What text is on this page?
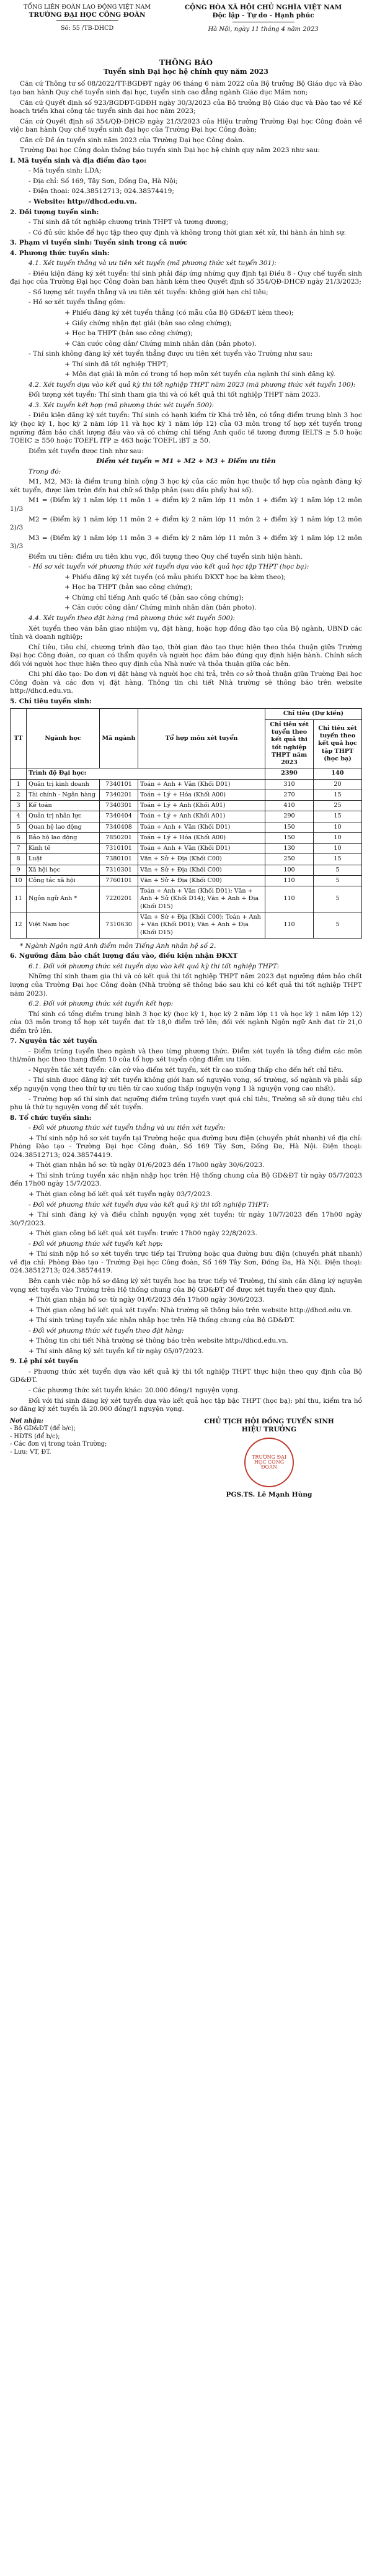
TỔNG LIÊN ĐOÀN LAO ĐỘNG VIỆT NAM
TRƯỜNG ĐẠI HỌC CÔNG ĐOÀN
Số: 55 /TB-DHCD
CỘNG HÒA XÃ HỘI CHỦ NGHĨA VIỆT NAM
Độc lập - Tự do - Hạnh phúc
Hà Nội, ngày 11 tháng 4 năm 2023
THÔNG BÁO
Tuyển sinh Đại học hệ chính quy năm 2023

Căn cứ Thông tư số 08/2022/TT-BGDĐT ngày 06 tháng 6 năm 2022 của Bộ trưởng Bộ Giáo dục và Đào tạo ban hành Quy chế tuyển sinh đại học, tuyển sinh cao đẳng ngành Giáo dục Mầm non;

Căn cứ Quyết định số 923/BGDĐT-GDĐH ngày 30/3/2023 của Bộ trưởng Bộ Giáo dục và Đào tạo về Kế hoạch triển khai công tác tuyển sinh đại học năm 2023;

Căn cứ Quyết định số 354/QĐ-DHCĐ ngày 21/3/2023 của Hiệu trưởng Trường Đại học Công đoàn về việc ban hành Quy chế tuyển sinh đại học của Trường Đại học Công đoàn;

Căn cứ Đề án tuyển sinh năm 2023 của Trường Đại học Công đoàn.

Trường Đại học Công đoàn thông báo tuyển sinh Đại học hệ chính quy năm 2023 như sau:

I. Mã tuyển sinh và địa điểm đào tạo:

- Mã tuyển sinh: LDA;

- Địa chỉ: Số 169, Tây Sơn, Đống Đa, Hà Nội;

- Điện thoại: 024.38512713; 024.38574419;

- Website: http://dhcd.edu.vn.

2. Đối tượng tuyển sinh:

- Thí sinh đã tốt nghiệp chương trình THPT và tương đương;

- Có đủ sức khỏe để học tập theo quy định và không trong thời gian xét xử, thi hành án hình sự.

3. Phạm vi tuyển sinh: Tuyển sinh trong cả nước

4. Phương thức tuyển sinh:

4.1. Xét tuyển thẳng và ưu tiên xét tuyển (mã phương thức xét tuyển 301):

- Điều kiện đăng ký xét tuyển: thí sinh phải đáp ứng những quy định tại Điều 8 - Quy chế tuyển sinh đại học của Trường Đại học Công đoàn ban hành kèm theo Quyết định số 354/QĐ-DHCĐ ngày 21/3/2023;

- Số lượng xét tuyển thẳng và ưu tiên xét tuyển: không giới hạn chỉ tiêu;

- Hồ sơ xét tuyển thẳng gồm:

+ Phiếu đăng ký xét tuyển thẳng (có mẫu của Bộ GD&ĐT kèm theo);

+ Giấy chứng nhận đạt giải (bản sao công chứng);

+ Học bạ THPT (bản sao công chứng);

+ Căn cước công dân/ Chứng minh nhân dân (bản photo).

- Thí sinh không đăng ký xét tuyển thẳng được ưu tiên xét tuyển vào Trường như sau:

+ Thí sinh đã tốt nghiệp THPT;

+ Môn đạt giải là môn có trong tổ hợp môn xét tuyển của ngành thí sinh đăng ký.

4.2. Xét tuyển dựa vào kết quả kỳ thi tốt nghiệp THPT năm 2023 (mã phương thức xét tuyển 100):

Đối tượng xét tuyển: Thí sinh tham gia thi và có kết quả thi tốt nghiệp THPT năm 2023.

4.3. Xét tuyển kết hợp (mã phương thức xét tuyển 500):

- Điều kiện đăng ký xét tuyển: Thí sinh có hạnh kiểm từ Khá trở lên, có tổng điểm trung bình 3 học kỳ (học kỳ 1, học kỳ 2 năm lớp 11 và học kỳ 1 năm lớp 12) của 03 môn trong tổ hợp xét tuyển trong ngưỡng đảm bảo chất lượng đầu vào và có chứng chỉ tiếng Anh quốc tế tương đương IELTS ≥ 5.0 hoặc TOEIC ≥ 550 hoặc TOEFL ITP ≥ 463 hoặc TOEFL iBT ≥ 50.

Điểm xét tuyển được tính như sau:

Điểm xét tuyển = M1 + M2 + M3 + Điểm ưu tiên

Trong đó:

M1, M2, M3: là điểm trung bình cộng 3 học kỳ của các môn học thuộc tổ hợp của ngành đăng ký xét tuyển, được làm tròn đến hai chữ số thập phân (sau dấu phẩy hai số).

M1 = (Điểm kỳ 1 năm lớp 11 môn 1 + điểm kỳ 2 năm lớp 11 môn 1 + điểm kỳ 1 năm lớp 12 môn 1)/3

M2 = (Điểm kỳ 1 năm lớp 11 môn 2 + điểm kỳ 2 năm lớp 11 môn 2 + điểm kỳ 1 năm lớp 12 môn 2)/3

M3 = (Điểm kỳ 1 năm lớp 11 môn 3 + điểm kỳ 2 năm lớp 11 môn 3 + điểm kỳ 1 năm lớp 12 môn 3)/3

Điểm ưu tiên: điểm ưu tiên khu vực, đối tượng theo Quy chế tuyển sinh hiện hành.

- Hồ sơ xét tuyển với phương thức xét tuyển dựa vào kết quả học tập THPT (học bạ):

+ Phiếu đăng ký xét tuyển (có mẫu phiếu ĐKXT học bạ kèm theo);

+ Học bạ THPT (bản sao công chứng);

+ Chứng chỉ tiếng Anh quốc tế (bản sao công chứng);

+ Căn cước công dân/ Chứng minh nhân dân (bản photo).

4.4. Xét tuyển theo đặt hàng (mã phương thức xét tuyển 500):

Xét tuyển theo văn bản giao nhiệm vụ, đặt hàng, hoặc hợp đồng đào tạo của Bộ ngành, UBND các tỉnh và doanh nghiệp;

Chỉ tiêu, tiêu chí, chương trình đào tạo, thời gian đào tạo thực hiện theo thỏa thuận giữa Trường Đại học Công đoàn, cơ quan có thẩm quyền và người học đảm bảo đúng quy định hiện hành. Chính sách đối với người học thực hiện theo quy định của Nhà nước và thỏa thuận giữa các bên.

Chi phí đào tạo: Do đơn vị đặt hàng và người học chi trả, trên cơ sở thoả thuận giữa Trường Đại học Công đoàn và các đơn vị đặt hàng. Thông tin chi tiết Nhà trường sẽ thông báo trên website http://dhcd.edu.vn.

5. Chỉ tiêu tuyển sinh:

TT	Ngành học	Mã ngành	Tổ hợp môn xét tuyển	Chỉ tiêu (Dự kiến)	
				Chỉ tiêu xét tuyển theo kết quả thi tốt nghiệp THPT năm 2023	Chỉ tiêu xét tuyển theo kết quả học tập THPT (học bạ)
	Trình độ Đại học:			2390	140
1	Quản trị kinh doanh	7340101	Toán + Anh + Văn (Khối D01)	310	20
2	Tài chính - Ngân hàng	7340201	Toán + Lý + Hóa (Khối A00)	270	15
3	Kế toán	7340301	Toán + Lý + Anh (Khối A01)	410	25
4	Quản trị nhân lực	7340404	Toán + Lý + Anh (Khối A01)	290	15
5	Quan hệ lao động	7340408	Toán + Anh + Văn (Khối D01)	150	10
6	Bảo hộ lao động	7850201	Toán + Lý + Hóa (Khối A00)	150	10
7	Kinh tế	7310101	Toán + Anh + Văn (Khối D01)	130	10
8	Luật	7380101	Văn + Sử + Địa (Khối C00)	250	15
9	Xã hội học	7310301	Văn + Sử + Địa (Khối C00)	100	5
10	Công tác xã hội	7760101	Văn + Sử + Địa (Khối C00)	110	5
11	Ngôn ngữ Anh *	7220201	Toán + Anh + Văn (Khối D01); Văn + Anh + Sử (Khối D14); Văn + Anh + Địa (Khối D15)	110	5
12	Việt Nam học	7310630	Văn + Sử + Địa (Khối C00); Toán + Anh + Văn (Khối D01); Văn + Anh + Địa (Khối D15)	110	5

* Ngành Ngôn ngữ Anh điểm môn Tiếng Anh nhân hệ số 2.

6. Ngưỡng đảm bảo chất lượng đầu vào, điều kiện nhận ĐKXT

6.1. Đối với phương thức xét tuyển dựa vào kết quả kỳ thi tốt nghiệp THPT:

Những thí sinh tham gia thi và có kết quả thi tốt nghiệp THPT năm 2023 đạt ngưỡng đảm bảo chất lượng của Trường Đại học Công đoàn (Nhà trường sẽ thông báo sau khi có kết quả thi tốt nghiệp THPT năm 2023).

6.2. Đối với phương thức xét tuyển kết hợp:

Thí sinh có tổng điểm trung bình 3 học kỳ (học kỳ 1, học kỳ 2 năm lớp 11 và học kỳ 1 năm lớp 12) của 03 môn trong tổ hợp xét tuyển đạt từ 18,0 điểm trở lên; đối với ngành Ngôn ngữ Anh đạt từ 21,0 điểm trở lên.

7. Nguyên tắc xét tuyển

- Điểm trúng tuyển theo ngành và theo từng phương thức. Điểm xét tuyển là tổng điểm các môn thi/môn học theo thang điểm 10 của tổ hợp xét tuyển cộng điểm ưu tiên.

- Nguyên tắc xét tuyển: căn cứ vào điểm xét tuyển, xét từ cao xuống thấp cho đến hết chỉ tiêu.

- Thí sinh được đăng ký xét tuyển không giới hạn số nguyện vọng, số trường, số ngành và phải sắp xếp nguyện vọng theo thứ tự ưu tiên từ cao xuống thấp (nguyện vọng 1 là nguyện vọng cao nhất).

- Trường hợp số thí sinh đạt ngưỡng điểm trúng tuyển vượt quá chỉ tiêu, Trường sẽ sử dụng tiêu chí phụ là thứ tự nguyện vọng để xét tuyển.

8. Tổ chức tuyển sinh:

- Đối với phương thức xét tuyển thẳng và ưu tiên xét tuyển:

+ Thí sinh nộp hồ sơ xét tuyển tại Trường hoặc qua đường bưu điện (chuyển phát nhanh) về địa chỉ: Phòng Đào tạo - Trường Đại học Công đoàn, Số 169 Tây Sơn, Đống Đa, Hà Nội. Điện thoại: 024.38512713; 024.38574419.

+ Thời gian nhận hồ sơ: từ ngày 01/6/2023 đến 17h00 ngày 30/6/2023.

+ Thí sinh trúng tuyển xác nhận nhập học trên Hệ thống chung của Bộ GD&ĐT từ ngày 05/7/2023 đến 17h00 ngày 15/7/2023.

+ Thời gian công bố kết quả xét tuyển ngày 03/7/2023.

- Đối với phương thức xét tuyển dựa vào kết quả kỳ thi tốt nghiệp THPT:

+ Thí sinh đăng ký và điều chỉnh nguyện vọng xét tuyển: từ ngày 10/7/2023 đến 17h00 ngày 30/7/2023.

+ Thời gian công bố kết quả xét tuyển: trước 17h00 ngày 22/8/2023.

- Đối với phương thức xét tuyển kết hợp:

+ Thí sinh nộp hồ sơ xét tuyển trực tiếp tại Trường hoặc qua đường bưu điện (chuyển phát nhanh) về địa chỉ: Phòng Đào tạo - Trường Đại học Công đoàn, Số 169 Tây Sơn, Đống Đa, Hà Nội. Điện thoại: 024.38512713; 024.38574419.

Bên cạnh việc nộp hồ sơ đăng ký xét tuyển học bạ trực tiếp về Trường, thí sinh cần đăng ký nguyện vọng xét tuyển vào Trường trên Hệ thống chung của Bộ GD&ĐT để được xét tuyển theo quy định.

+ Thời gian nhận hồ sơ: từ ngày 01/6/2023 đến 17h00 ngày 30/6/2023.

+ Thời gian công bố kết quả xét tuyển: Nhà trường sẽ thông báo trên website http://dhcd.edu.vn.

+ Thí sinh trúng tuyển xác nhận nhập học trên Hệ thống chung của Bộ GD&ĐT.

- Đối với phương thức xét tuyển theo đặt hàng:

+ Thông tin chi tiết Nhà trường sẽ thông báo trên website http://dhcd.edu.vn.

+ Thí sinh đăng ký xét tuyển kể từ ngày 05/07/2023.

9. Lệ phí xét tuyển

- Phương thức xét tuyển dựa vào kết quả kỳ thi tốt nghiệp THPT thực hiện theo quy định của Bộ GD&ĐT.

- Các phương thức xét tuyển khác: 20.000 đồng/1 nguyện vọng.

Đối với thí sinh đăng ký xét tuyển dựa vào kết quả học tập bậc THPT (học bạ): phí thu, kiểm tra hồ sơ đăng ký xét tuyển là 20.000 đồng/1 nguyện vọng.

Nơi nhận:
- Bộ GD&ĐT (để b/c);
- HĐTS (để b/c);
- Các đơn vị trong toàn Trường;
- Lưu: VT, ĐT.
CHỦ TỊCH HỘI ĐỒNG TUYỂN SINH
HIỆU TRƯỞNG
TRƯỜNG ĐẠI HỌC CÔNG ĐOÀN
PGS.TS. Lê Mạnh Hùng
